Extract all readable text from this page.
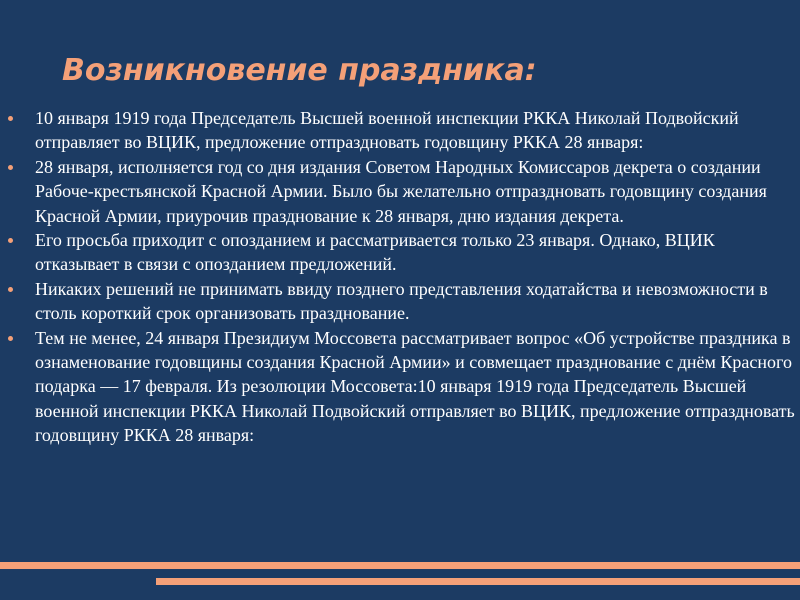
Возникновение праздника:
10 января 1919 года Председатель Высшей военной инспекции РККА Николай Подвойский отправляет во ВЦИК, предложение отпраздновать годовщину РККА 28 января:
28 января, исполняется год со дня издания Советом Народных Комиссаров декрета о создании Рабоче-крестьянской Красной Армии. Было бы желательно отпраздновать годовщину создания Красной Армии, приурочив празднование к 28 января, дню издания декрета.
Его просьба приходит с опозданием и рассматривается только 23 января. Однако, ВЦИК отказывает в связи с опозданием предложений.
Никаких решений не принимать ввиду позднего представления ходатайства и невозможности в столь короткий срок организовать празднование.
Тем не менее, 24 января Президиум Моссовета рассматривает вопрос «Об устройстве праздника в ознаменование годовщины создания Красной Армии» и совмещает празднование с днём Красного подарка — 17 февраля. Из резолюции Моссовета:10 января 1919 года Председатель Высшей военной инспекции РККА Николай Подвойский отправляет во ВЦИК, предложение отпраздновать годовщину РККА 28 января:
